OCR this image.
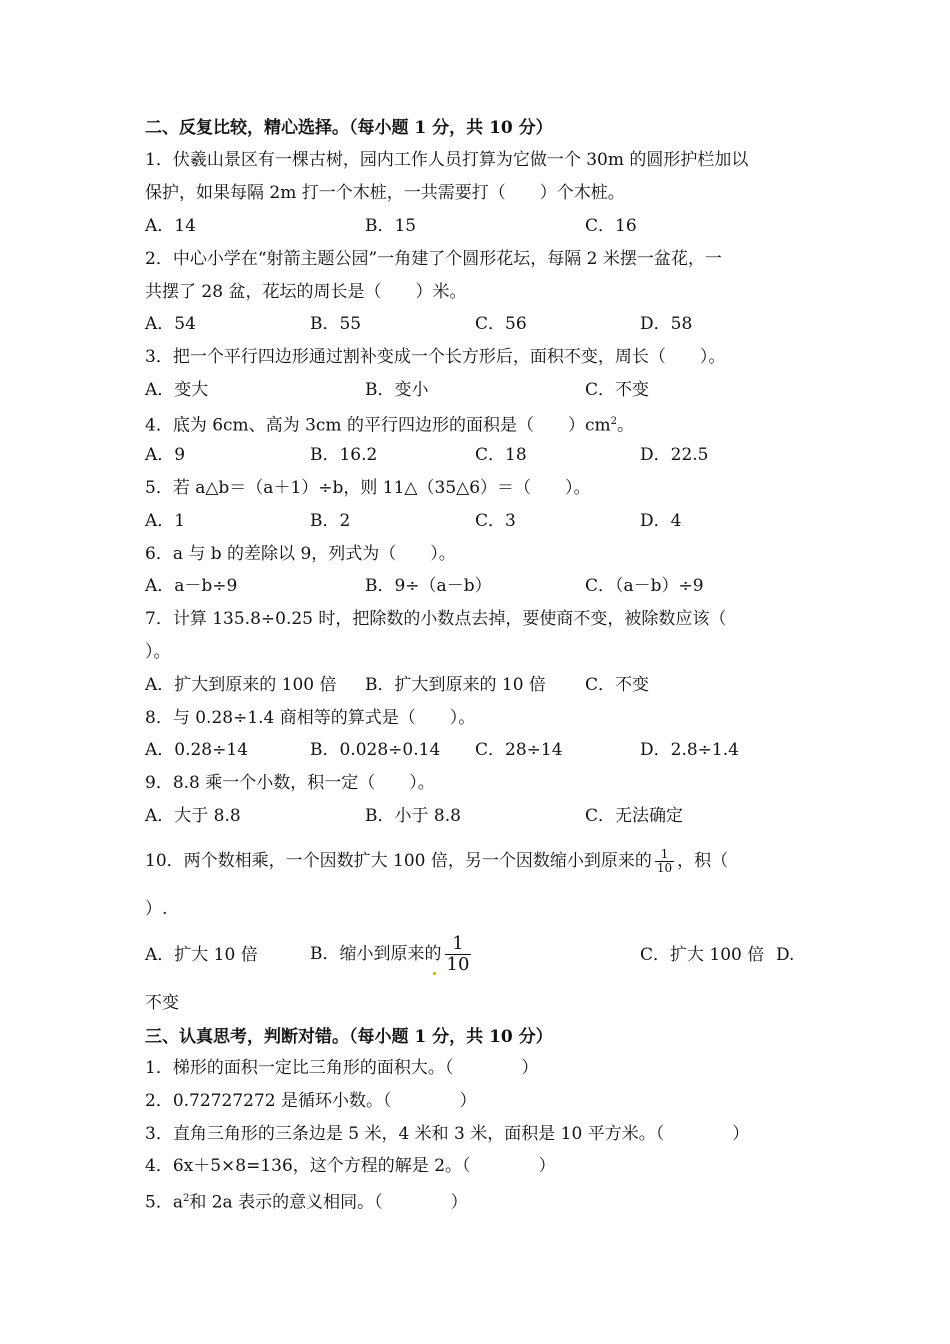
二、反复比较，精心选择。（每小题 1 分，共 10 分）
1．伏羲山景区有一棵古树，园内工作人员打算为它做一个 30m 的圆形护栏加以
保护，如果每隔 2m 打一个木桩，一共需要打（　　）个木桩。
A．14	B．15	C．16
2．中心小学在“射箭主题公园”一角建了个圆形花坛，每隔 2 米摆一盆花，一
共摆了 28 盆，花坛的周长是（　　）米。
A．54	B．55	C．56	D．58
3．把一个平行四边形通过割补变成一个长方形后，面积不变，周长（　　）。
A．变大	B．变小	C．不变
4．底为 6cm、高为 3cm 的平行四边形的面积是（　　）$cm^2$。
A．9	B．16.2	C．18	D．22.5
5．若 a△b＝（a＋1）÷b，则 11△（35△6）＝（　　）。
A．1	B．2	C．3	D．4
6．a 与 b 的差除以 9，列式为（　　）。
A．a－b÷9	B．9÷（a－b）	C．（a－b）÷9
7．计算 135.8÷0.25 时，把除数的小数点去掉，要使商不变，被除数应该（
）。
A．扩大到原来的 100 倍 B．扩大到原来的 10 倍 C．不变
8．与 0.28÷1.4 商相等的算式是（　　）。
A．0.28÷14	B．0.028÷0.14 C．28÷14	D．2.8÷1.4
9．8.8 乘一个小数，积一定（　　）。
A．大于 8.8	B．小于 8.8	C．无法确定
10．两个数相乘，一个因数扩大 100 倍，另一个因数缩小到原来的 $\frac{1}{10}$ ，积（
）.
A．扩大 10 倍	B．缩小到原来的 $\frac{1}{10}$	C．扩大 100 倍 D.
不变
三、认真思考，判断对错。（每小题 1 分，共 10 分）
1．梯形的面积一定比三角形的面积大。（　　　　）
2．0.72727272 是循环小数。（　　　　）
3．直角三角形的三条边是 5 米，4 米和 3 米，面积是 10 平方米。（　　　　）
4．6x＋5×8=136，这个方程的解是 2。（　　　　）
5．$a^2$和 2a 表示的意义相同。（　　　　）
